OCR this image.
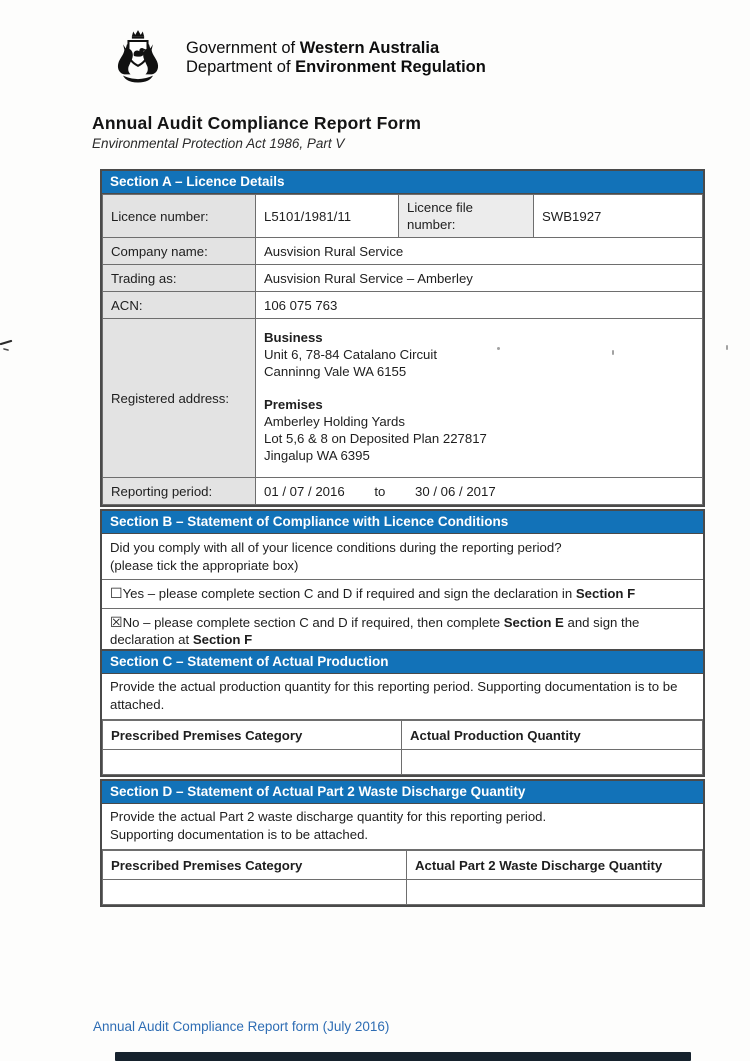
Government of Western Australia
Department of Environment Regulation
Annual Audit Compliance Report Form
Environmental Protection Act 1986, Part V
Section A – Licence Details
Licence number:	L5101/1981/11	Licence file number:	SWB1927
Company name:	Ausvision Rural Service		
Trading as:	Ausvision Rural Service – Amberley		
ACN:	106 075 763		
Registered address:	
Business
Unit 6, 78-84 Catalano Circuit
Canninng Vale WA 6155
Premises
Amberley Holding Yards
Lot 5,6 & 8 on Deposited Plan 227817
Jingalup WA 6395

Reporting period:	01 / 07 / 2016 to 30 / 06 / 2017		
Section B – Statement of Compliance with Licence Conditions
Did you comply with all of your licence conditions during the reporting period?
(please tick the appropriate box)
☐Yes – please complete section C and D if required and sign the declaration in Section F
☒No – please complete section C and D if required, then complete Section E and sign the declaration at Section F
Section C – Statement of Actual Production
Provide the actual production quantity for this reporting period. Supporting documentation is to be attached.
Prescribed Premises Category	Actual Production Quantity

Section D – Statement of Actual Part 2 Waste Discharge Quantity
Provide the actual Part 2 waste discharge quantity for this reporting period. Supporting documentation is to be attached.
Prescribed Premises Category	Actual Part 2 Waste Discharge Quantity

Annual Audit Compliance Report form (July 2016)
